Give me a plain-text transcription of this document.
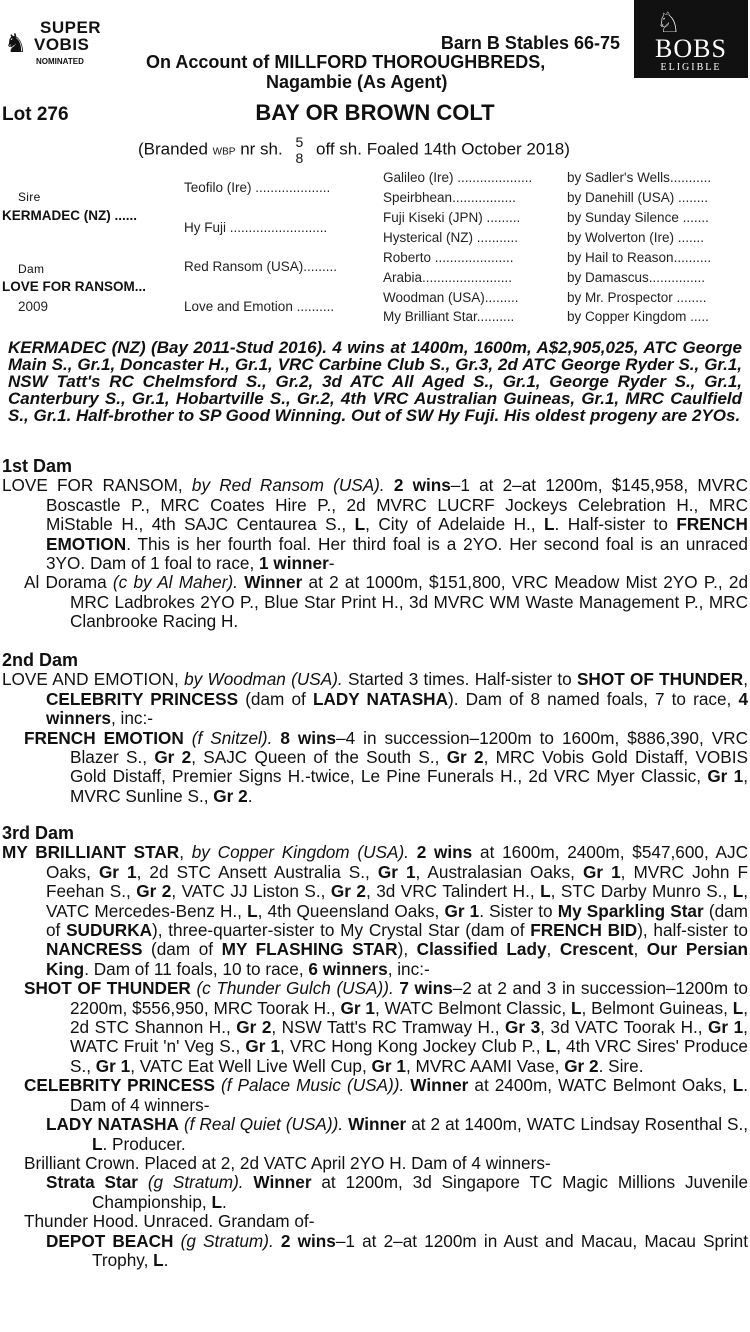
♞
SUPER
VOBIS
NOMINATED
♘
BOBS
ELIGIBLE
Barn B Stables 66-75
On Account of MILLFORD THOROUGHBREDS,
Nagambie (As Agent)
Lot 276	BAY OR BROWN COLT
(Branded WBP nr sh. 5
8 off sh. Foaled 14th October 2018)
Sire
KERMADEC (NZ) ......
Dam
LOVE FOR RANSOM...
2009
Teofilo (Ire) ....................
Hy Fuji ..........................
Red Ransom (USA).........
Love and Emotion ..........
Galileo (Ire) ....................
Speirbhean.................
Fuji Kiseki (JPN) .........
Hysterical (NZ) ...........
Roberto .....................
Arabia........................
Woodman (USA).........
My Brilliant Star..........
by Sadler's Wells...........
by Danehill (USA) ........
by Sunday Silence .......
by Wolverton (Ire) .......
by Hail to Reason..........
by Damascus...............
by Mr. Prospector ........
by Copper Kingdom .....

KERMADEC (NZ) (Bay 2011-Stud 2016). 4 wins at 1400m, 1600m, A$2,905,025, ATC George Main S., Gr.1, Doncaster H., Gr.1, VRC Carbine Club S., Gr.3, 2d ATC George Ryder S., Gr.1, NSW Tatt's RC Chelmsford S., Gr.2, 3d ATC All Aged S., Gr.1, George Ryder S., Gr.1, Canterbury S., Gr.1, Hobartville S., Gr.2, 4th VRC Australian Guineas, Gr.1, MRC Caulfield S., Gr.1. Half-brother to SP Good Winning. Out of SW Hy Fuji. His oldest progeny are 2YOs.

1st Dam

LOVE FOR RANSOM, by Red Ransom (USA). 2 wins–1 at 2–at 1200m, $145,958, MVRC Boscastle P., MRC Coates Hire P., 2d MVRC LUCRF Jockeys Celebration H., MRC MiStable H., 4th SAJC Centaurea S., L, City of Adelaide H., L. Half-sister to FRENCH EMOTION. This is her fourth foal. Her third foal is a 2YO. Her second foal is an unraced 3YO. Dam of 1 foal to race, 1 winner-

Al Dorama (c by Al Maher). Winner at 2 at 1000m, $151,800, VRC Meadow Mist 2YO P., 2d MRC Ladbrokes 2YO P., Blue Star Print H., 3d MVRC WM Waste Management P., MRC Clanbrooke Racing H.

2nd Dam

LOVE AND EMOTION, by Woodman (USA). Started 3 times. Half-sister to SHOT OF THUNDER, CELEBRITY PRINCESS (dam of LADY NATASHA). Dam of 8 named foals, 7 to race, 4 winners, inc:-

FRENCH EMOTION (f Snitzel). 8 wins–4 in succession–1200m to 1600m, $886,390, VRC Blazer S., Gr 2, SAJC Queen of the South S., Gr 2, MRC Vobis Gold Distaff, VOBIS Gold Distaff, Premier Signs H.-twice, Le Pine Funerals H., 2d VRC Myer Classic, Gr 1, MVRC Sunline S., Gr 2.

3rd Dam

MY BRILLIANT STAR, by Copper Kingdom (USA). 2 wins at 1600m, 2400m, $547,600, AJC Oaks, Gr 1, 2d STC Ansett Australia S., Gr 1, Australasian Oaks, Gr 1, MVRC John F Feehan S., Gr 2, VATC JJ Liston S., Gr 2, 3d VRC Talindert H., L, STC Darby Munro S., L, VATC Mercedes-Benz H., L, 4th Queensland Oaks, Gr 1. Sister to My Sparkling Star (dam of SUDURKA), three-quarter-sister to My Crystal Star (dam of FRENCH BID), half-sister to NANCRESS (dam of MY FLASHING STAR), Classified Lady, Crescent, Our Persian King. Dam of 11 foals, 10 to race, 6 winners, inc:-

SHOT OF THUNDER (c Thunder Gulch (USA)). 7 wins–2 at 2 and 3 in succession–1200m to 2200m, $556,950, MRC Toorak H., Gr 1, WATC Belmont Classic, L, Belmont Guineas, L, 2d STC Shannon H., Gr 2, NSW Tatt's RC Tramway H., Gr 3, 3d VATC Toorak H., Gr 1, WATC Fruit 'n' Veg S., Gr 1, VRC Hong Kong Jockey Club P., L, 4th VRC Sires' Produce S., Gr 1, VATC Eat Well Live Well Cup, Gr 1, MVRC AAMI Vase, Gr 2. Sire.

CELEBRITY PRINCESS (f Palace Music (USA)). Winner at 2400m, WATC Belmont Oaks, L. Dam of 4 winners-

LADY NATASHA (f Real Quiet (USA)). Winner at 2 at 1400m, WATC Lindsay Rosenthal S., L. Producer.

Brilliant Crown. Placed at 2, 2d VATC April 2YO H. Dam of 4 winners-

Strata Star (g Stratum). Winner at 1200m, 3d Singapore TC Magic Millions Juvenile Championship, L.

Thunder Hood. Unraced. Grandam of-

DEPOT BEACH (g Stratum). 2 wins–1 at 2–at 1200m in Aust and Macau, Macau Sprint Trophy, L.
